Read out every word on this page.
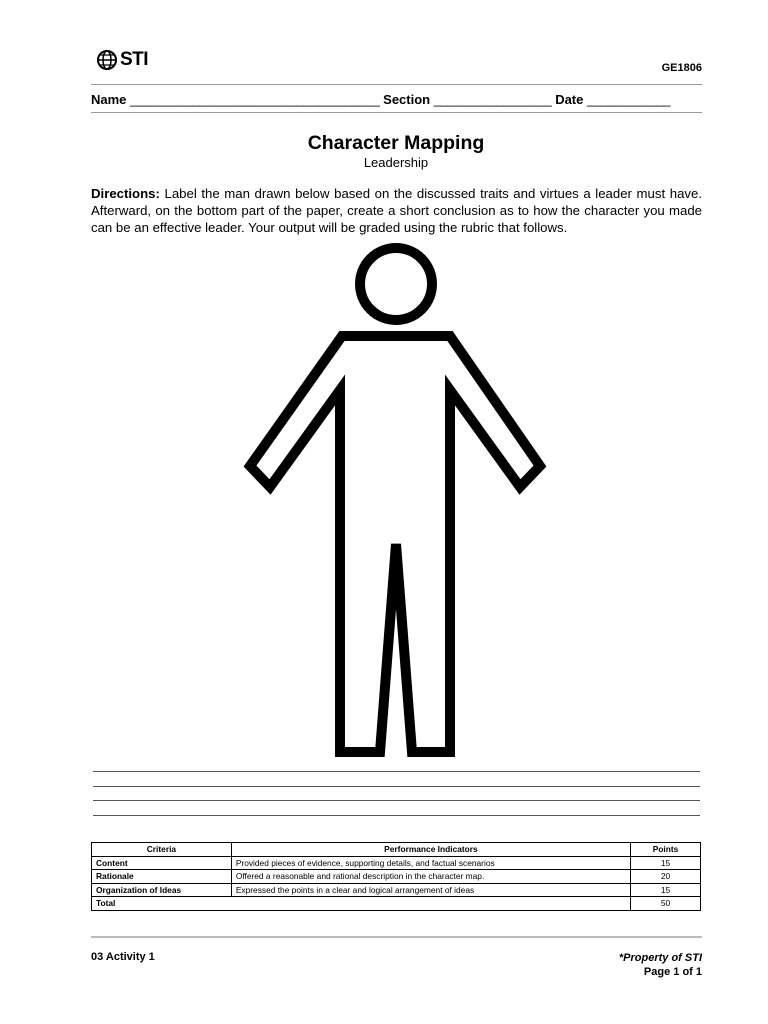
STI	GE1806
Name ____________________________________ Section _________________ Date ____________
Character Mapping
Leadership
Directions: Label the man drawn below based on the discussed traits and virtues a leader must have. Afterward, on the bottom part of the paper, create a short conclusion as to how the character you made can be an effective leader. Your output will be graded using the rubric that follows.
Criteria	Performance Indicators	Points
Content	Provided pieces of evidence, supporting details, and factual scenarios	15
Rationale	Offered a reasonable and rational description in the character map.	20
Organization of Ideas	Expressed the points in a clear and logical arrangement of ideas	15
Total		50
03 Activity 1	*Property of STI
Page 1 of 1
